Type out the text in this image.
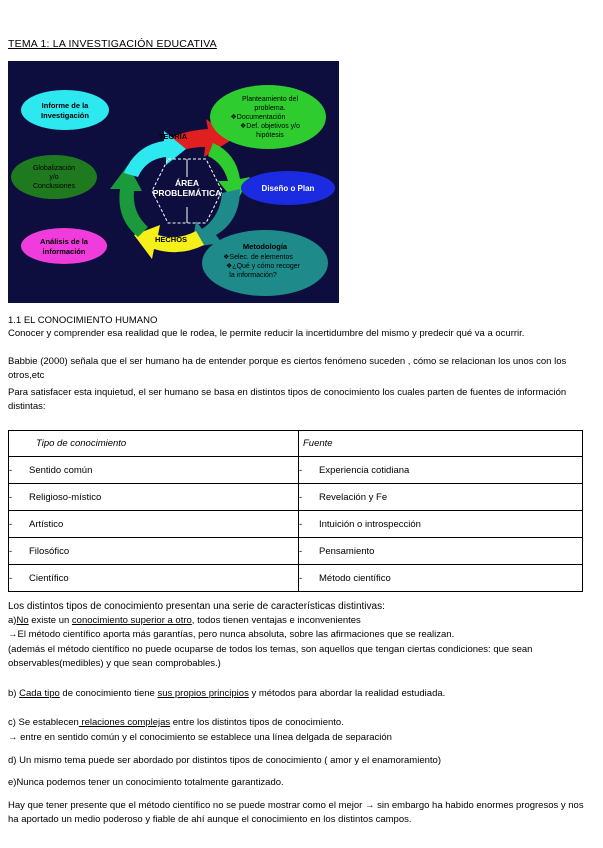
TEMA 1: LA INVESTIGACIÓN EDUCATIVA
ÁREA
PROBLEMÁTICA
TEORÍA
HECHOS
Informe de la
Investigación
Planteamiento del
problema.
❖Documentación
❖Def. objetivos y/o
hipótesis
Globalización
y/o
Conclusiones	Diseño o Plan
Análisis de la
información
Metodología
❖Selec. de elementos
❖¿Qué y cómo recoger
la información?
1.1 EL CONOCIMIENTO HUMANO
Conocer y comprender esa realidad que le rodea, le permite reducir la incertidumbre del mismo y predecir qué va a ocurrir.
Babbie (2000) señala que el ser humano ha de entender porque es ciertos fenómeno suceden , cómo se relacionan los unos con los otros,etc
Para satisfacer esta inquietud, el ser humano se basa en distintos tipos de conocimiento los cuales parten de fuentes de información distintas:
Tipo de conocimiento	Fuente
- Sentido común	- Experiencia cotidiana
- Religioso-místico	- Revelación y Fe
- Artístico	- Intuición o introspección
- Filosófico	- Pensamiento
- Científico	- Método científico
Los distintos tipos de conocimiento presentan una serie de características distintivas:
a)No existe un conocimiento superior a otro, todos tienen ventajas e inconvenientes
→El método científico aporta más garantías, pero nunca absoluta, sobre las afirmaciones que se realizan.
(además el método científico no puede ocuparse de todos los temas, son aquellos que tengan ciertas condiciones: que sean observables(medibles) y que sean comprobables.)
b) Cada tipo de conocimiento tiene sus propios principios y métodos para abordar la realidad estudiada.
c) Se establecen relaciones complejas entre los distintos tipos de conocimiento.
→ entre en sentido común y el conocimiento se establece una línea delgada de separación
d) Un mismo tema puede ser abordado por distintos tipos de conocimiento ( amor y el enamoramiento)
e)Nunca podemos tener un conocimiento totalmente garantizado.
Hay que tener presente que el método científico no se puede mostrar como el mejor → sin embargo ha habido enormes progresos y nos ha aportado un medio poderoso y fiable de ahí aunque el conocimiento en los distintos campos.
